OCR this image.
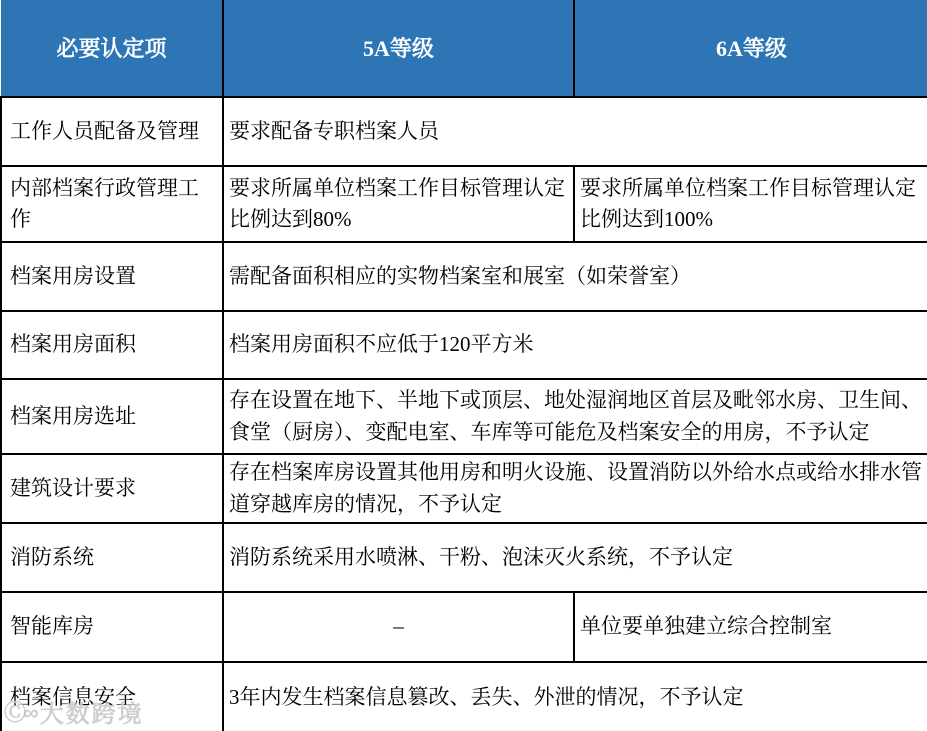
必要认定项	5A等级	6A等级
工作人员配备及管理	要求配备专职档案人员	
内部档案行政管理工作	要求所属单位档案工作目标管理认定比例达到80%	要求所属单位档案工作目标管理认定比例达到100%
档案用房设置	需配备面积相应的实物档案室和展室（如荣誉室）	
档案用房面积	档案用房面积不应低于120平方米	
档案用房选址	存在设置在地下、半地下或顶层、地处湿润地区首层及毗邻水房、卫生间、食堂（厨房）、变配电室、车库等可能危及档案安全的用房，不予认定	
建筑设计要求	存在档案库房设置其他用房和明火设施、设置消防以外给水点或给水排水管道穿越库房的情况，不予认定	
消防系统	消防系统采用水喷淋、干粉、泡沫灭火系统，不予认定	
智能库房	–	单位要单独建立综合控制室
档案信息安全	3年内发生档案信息篡改、丢失、外泄的情况，不予认定	
Ⓒ∞ 大数跨境
